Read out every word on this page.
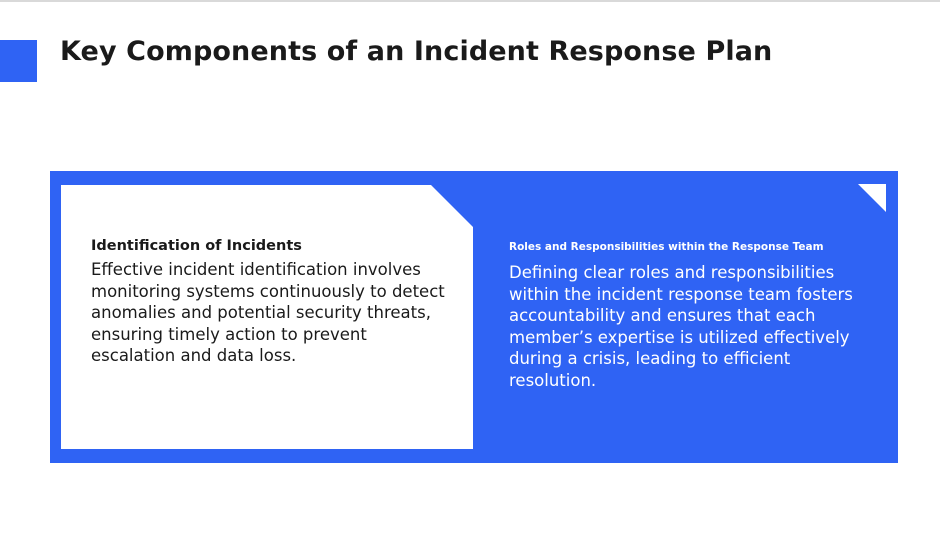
Key Components of an Incident Response Plan
Identification of Incidents
Effective incident identification involves monitoring systems continuously to detect anomalies and potential security threats, ensuring timely action to prevent escalation and data loss.
Roles and Responsibilities within the Response Team
Defining clear roles and responsibilities within the incident response team fosters accountability and ensures that each member’s expertise is utilized effectively during a crisis, leading to efficient resolution.
